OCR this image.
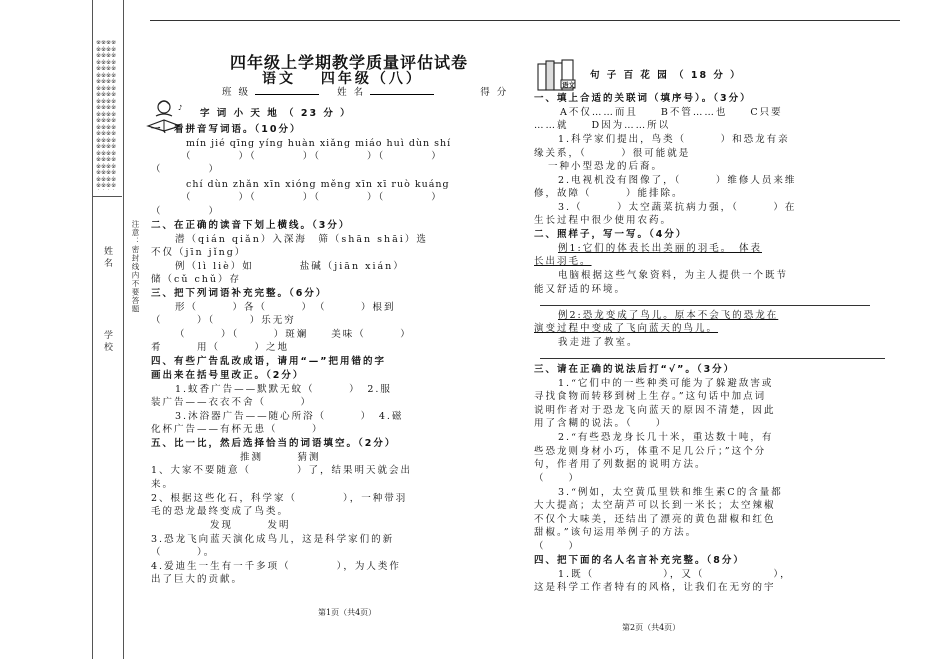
※※※※※※※※※※※※※※※※※※※※※※※※※※※※※※※※※※※※※※※※※※※※※※※※※※※※※※※※※※※※※※※※※※※※※※※※※※※※※※※※※※※※※※※※※※※※
学 校
姓 名	注意：密封线内不要答题
四年级上学期教学质量评估试卷
语文　 四年级（八）
班 级	姓 名	得 分
♪ 字 词 小 天 地 （ 23 分 ）
一、看拼音写词语。（10分）
mín jié qīng yíng huàn xiǎng miáo huì dùn shí
（　　　　）（　　　　）（　　　　）（　　　　）
（　　　　）
chí dùn zhǎn xīn xióng měng xīn xī ruò kuáng
（　　　　）（　　　　）（　　　　）（　　　　）
（　　　　）
二、在正确的读音下划上横线。（3分）
潜（qián qiǎn）入深海　筛（shān shāi）选
不仅（jīn jǐng）
例（lì liè）如　　　　盐碱（jiān xián）
储（cǔ chǔ）存
三、把下列词语补充完整。（6分）
形（　　　）各（　　　）　（　　　）根到
（　　　）（　　　）乐无穷
（　　　）（　　　）斑斓　　美味（　　　）
肴　　　用（　　　）之地
四、有些广告乱改成语，请用“—”把用错的字
画出来在括号里改正。（2分）
1.蚊香广告——默默无蚊（　　　）　2.服
装广告——衣衣不舍（　　　）
3.沐浴器广告——随心所浴（　　　）　4.磁
化杯广告——有杯无患（　　　）
五、比一比，然后选择恰当的词语填空。（2分）
推测　　　猜测
1、大家不要随意（　　　　）了，结果明天就会出
来。
2、根据这些化石，科学家（　　　　），一种带羽
毛的恐龙最终变成了鸟类。
发现　　　发明
3.恐龙飞向蓝天演化成鸟儿，这是科学家们的新
（　　　）。
4.爱迪生一生有一千多项（　　　　），为人类作
出了巨大的贡献。
第1页（共4页）
语文
句 子 百 花 园 （ 18 分 ）
一、填上合适的关联词（填序号）。（3分）
A不仅……而且　　B不管……也　　C只要
……就　　D因为……所以
1.科学家们提出，鸟类（　　　）和恐龙有亲
缘关系，（　　　）很可能就是
一种小型恐龙的后裔。
2.电视机没有图像了，（　　　）维修人员来维
修，故障（　　　）能排除。
3.（　　　）太空蔬菜抗病力强，（　　　）在
生长过程中很少使用农药。
二、照样子，写一写。（4分）
例1:它们的体表长出美丽的羽毛。　体表
长出羽毛。
电脑根据这些气象资料，为主人提供一个既节
能又舒适的环境。
例2:恐龙变成了鸟儿。原本不会飞的恐龙在
演变过程中变成了飞向蓝天的鸟儿。
我走进了教室。
三、请在正确的说法后打“√”。（3分）
1.“它们中的一些种类可能为了躲避敌害或
寻找食物而转移到树上生存。”这句话中加点词
说明作者对于恐龙飞向蓝天的原因不清楚，因此
用了含糊的说法。（　　）
2.“有些恐龙身长几十米，重达数十吨，有
些恐龙则身材小巧，体重不足几公斤；”这个分
句，作者用了列数据的说明方法。
（　　）
3.“例如，太空黄瓜里铁和维生素C的含量都
大大提高；太空葫芦可以长到一米长；太空辣椒
不仅个大味美，还结出了漂亮的黄色甜椒和红色
甜椒。”该句运用举例子的方法。
（　　）
四、把下面的名人名言补充完整。（8分）
1.既（　　　　　　），又（　　　　　　），
这是科学工作者特有的风格，让我们在无穷的宇
第2页（共4页）
